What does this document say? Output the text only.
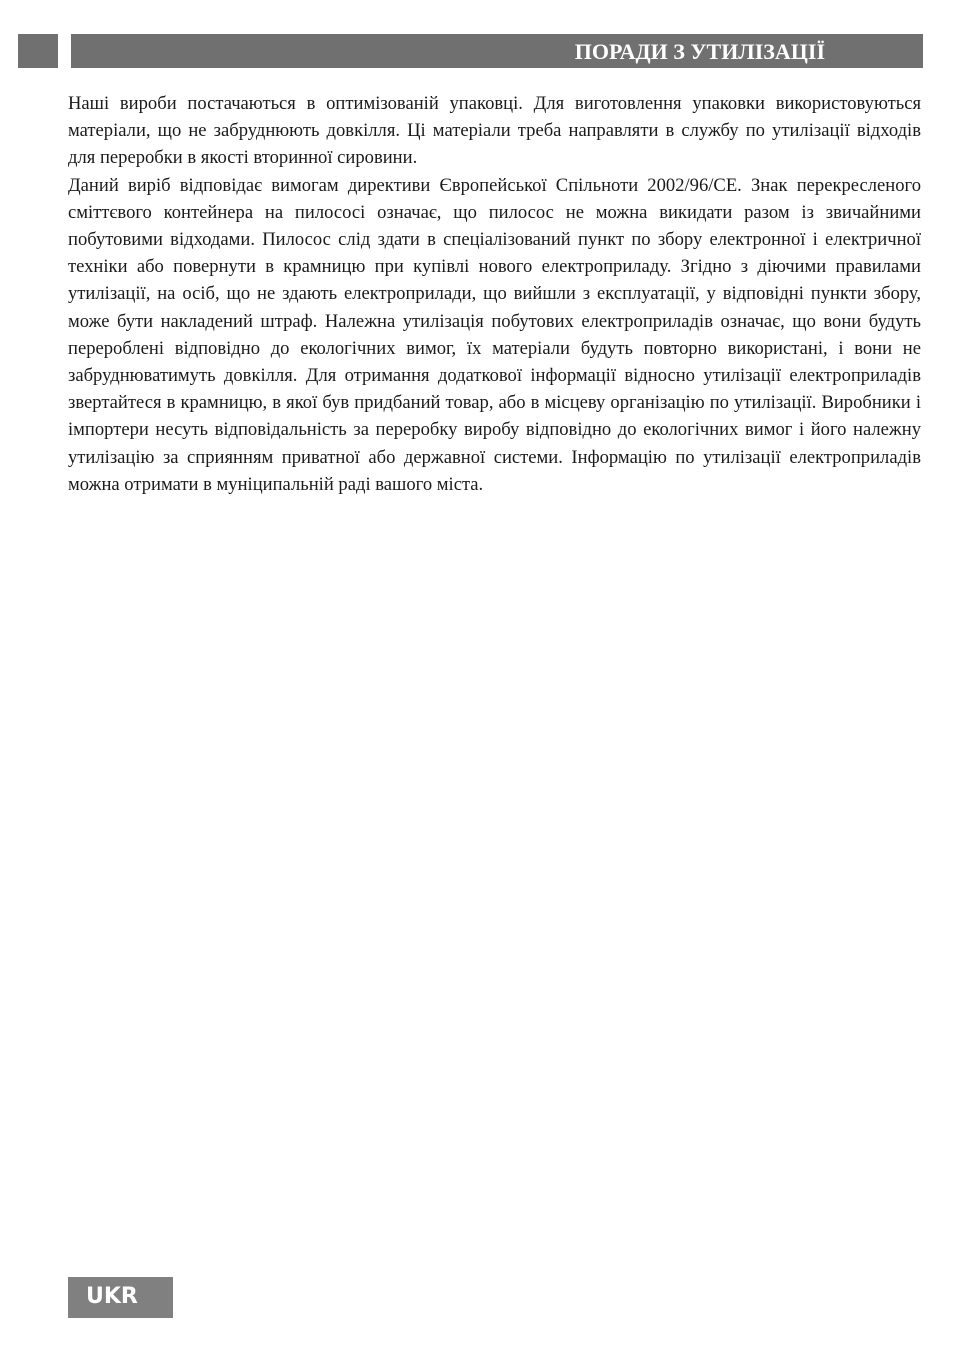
ПОРАДИ З УТИЛІЗАЦІЇ

Наші вироби постачаються в оптимізованій упаковці. Для виготовлення упаковки використовуються матеріали, що не забруднюють довкілля. Ці матеріали треба направляти в службу по утилізації відходів для переробки в якості вторинної сировини.

Даний виріб відповідає вимогам директиви Європейської Спільноти 2002/96/CE. Знак перекресленого сміттєвого контейнера на пилососі означає, що пилосос не можна викидати разом із звичайними побутовими відходами. Пилосос слід здати в спеціалізований пункт по збору електронної і електричної техніки або повернути в крамницю при купівлі нового електроприладу. Згідно з діючими правилами утилізації, на осіб, що не здають електроприлади, що вийшли з експлуатації, у відповідні пункти збору, може бути накладений штраф. Належна утилізація побутових електроприладів означає, що вони будуть перероблені відповідно до екологічних вимог, їх матеріали будуть повторно використані, і вони не забруднюватимуть довкілля. Для отримання додаткової інформації відносно утилізації електроприладів звертайтеся в крамницю, в якої був придбаний товар, або в місцеву організацію по утилізації. Виробники і імпортери несуть відповідальність за переробку виробу відповідно до екологічних вимог і його належну утилізацію за сприянням приватної або державної системи. Інформацію по утилізації електроприладів можна отримати в муніципальній раді вашого міста.

UKR
